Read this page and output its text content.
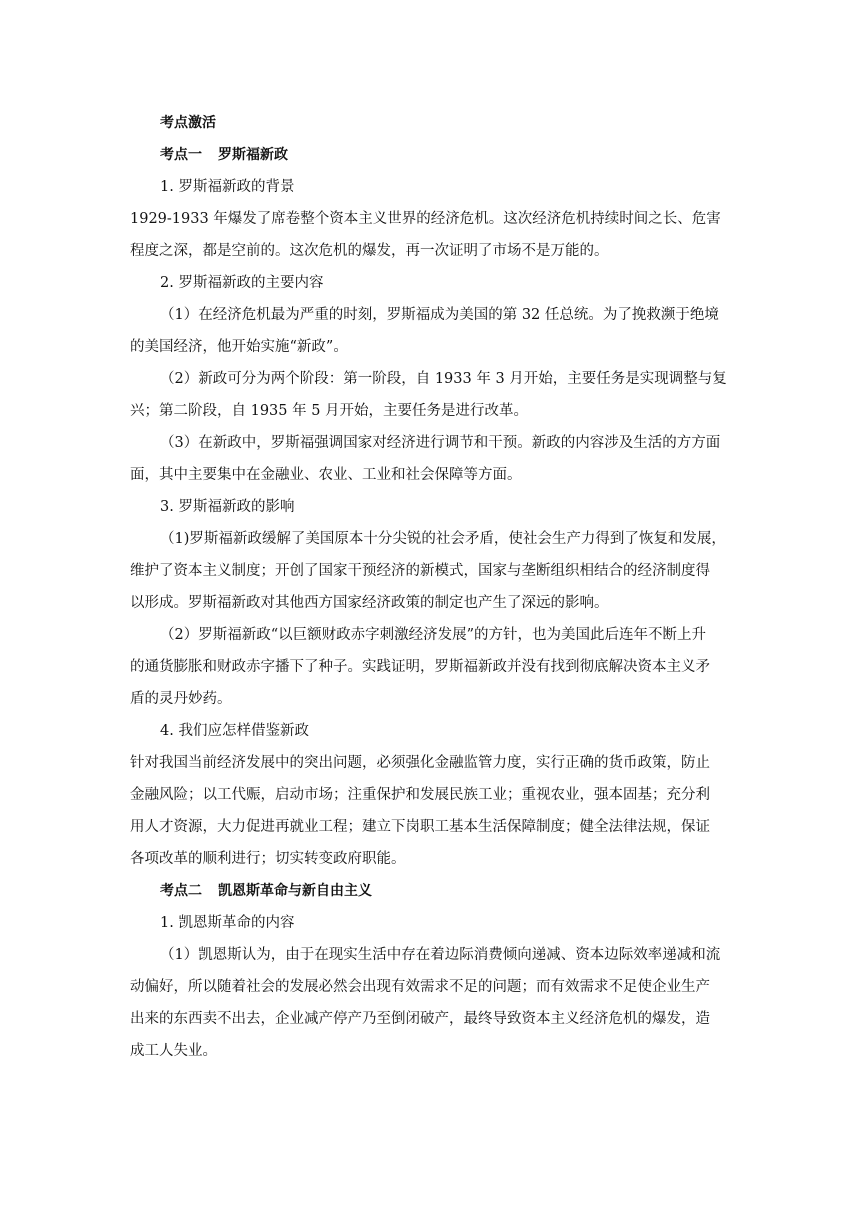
考点激活

考点一 罗斯福新政

1. 罗斯福新政的背景

1929-1933 年爆发了席卷整个资本主义世界的经济危机。这次经济危机持续时间之长、危害

程度之深，都是空前的。这次危机的爆发，再一次证明了市场不是万能的。

2. 罗斯福新政的主要内容

（1）在经济危机最为严重的时刻，罗斯福成为美国的第 32 任总统。为了挽救濒于绝境

的美国经济，他开始实施“新政”。

（2）新政可分为两个阶段：第一阶段，自 1933 年 3 月开始，主要任务是实现调整与复

兴；第二阶段，自 1935 年 5 月开始，主要任务是进行改革。

（3）在新政中，罗斯福强调国家对经济进行调节和干预。新政的内容涉及生活的方方面

面，其中主要集中在金融业、农业、工业和社会保障等方面。

3. 罗斯福新政的影响

（1)罗斯福新政缓解了美国原本十分尖锐的社会矛盾，使社会生产力得到了恢复和发展，

维护了资本主义制度；开创了国家干预经济的新模式，国家与垄断组织相结合的经济制度得

以形成。罗斯福新政对其他西方国家经济政策的制定也产生了深远的影响。

（2）罗斯福新政“以巨额财政赤字刺激经济发展”的方针，也为美国此后连年不断上升

的通货膨胀和财政赤字播下了种子。实践证明，罗斯福新政并没有找到彻底解决资本主义矛

盾的灵丹妙药。

4. 我们应怎样借鉴新政

针对我国当前经济发展中的突出问题，必须强化金融监管力度，实行正确的货币政策，防止

金融风险；以工代赈，启动市场；注重保护和发展民族工业；重视农业，强本固基；充分利

用人才资源，大力促进再就业工程；建立下岗职工基本生活保障制度；健全法律法规，保证

各项改革的顺利进行；切实转变政府职能。

考点二 凯恩斯革命与新自由主义

1. 凯恩斯革命的内容

（1）凯恩斯认为，由于在现实生活中存在着边际消费倾向递减、资本边际效率递减和流

动偏好，所以随着社会的发展必然会出现有效需求不足的问题；而有效需求不足使企业生产

出来的东西卖不出去，企业减产停产乃至倒闭破产，最终导致资本主义经济危机的爆发，造

成工人失业。
